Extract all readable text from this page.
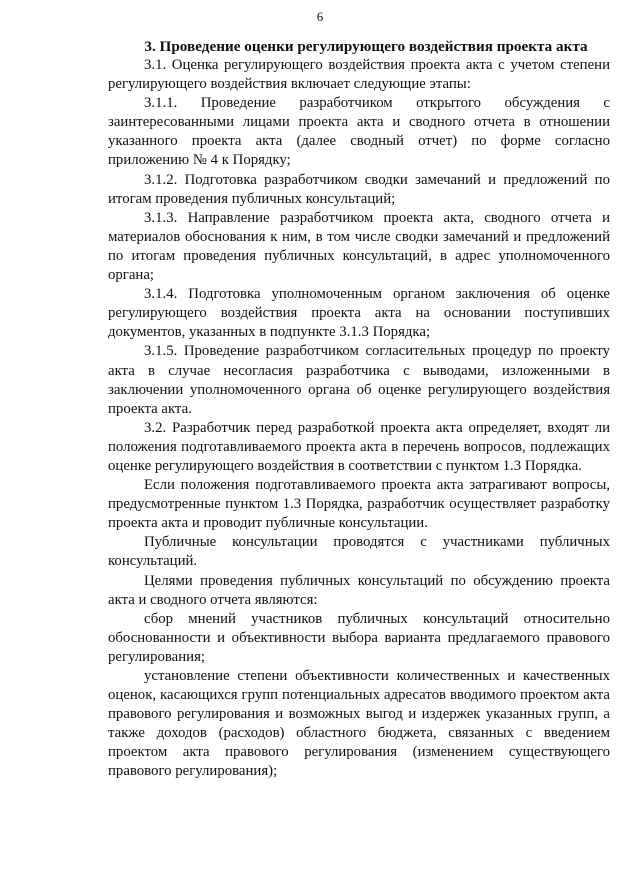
6

3. Проведение оценки регулирующего воздействия проекта акта

3.1. Оценка регулирующего воздействия проекта акта с учетом степени регулирующего воздействия включает следующие этапы:

3.1.1. Проведение разработчиком открытого обсуждения с заинтересованными лицами проекта акта и сводного отчета в отношении указанного проекта акта (далее сводный отчет) по форме согласно приложению № 4 к Порядку;

3.1.2. Подготовка разработчиком сводки замечаний и предложений по итогам проведения публичных консультаций;

3.1.3. Направление разработчиком проекта акта, сводного отчета и материалов обоснования к ним, в том числе сводки замечаний и предложений по итогам проведения публичных консультаций, в адрес уполномоченного органа;

3.1.4. Подготовка уполномоченным органом заключения об оценке регулирующего воздействия проекта акта на основании поступивших документов, указанных в подпункте 3.1.3 Порядка;

3.1.5. Проведение разработчиком согласительных процедур по проекту акта в случае несогласия разработчика с выводами, изложенными в заключении уполномоченного органа об оценке регулирующего воздействия проекта акта.

3.2. Разработчик перед разработкой проекта акта определяет, входят ли положения подготавливаемого проекта акта в перечень вопросов, подлежащих оценке регулирующего воздействия в соответствии с пунктом 1.3 Порядка.

Если положения подготавливаемого проекта акта затрагивают вопросы, предусмотренные пунктом 1.3 Порядка, разработчик осуществляет разработку проекта акта и проводит публичные консультации.

Публичные консультации проводятся с участниками публичных консультаций.

Целями проведения публичных консультаций по обсуждению проекта акта и сводного отчета являются:

сбор мнений участников публичных консультаций относительно обоснованности и объективности выбора варианта предлагаемого правового регулирования;

установление степени объективности количественных и качественных оценок, касающихся групп потенциальных адресатов вводимого проектом акта правового регулирования и возможных выгод и издержек указанных групп, а также доходов (расходов) областного бюджета, связанных с введением проектом акта правового регулирования (изменением существующего правового регулирования);
